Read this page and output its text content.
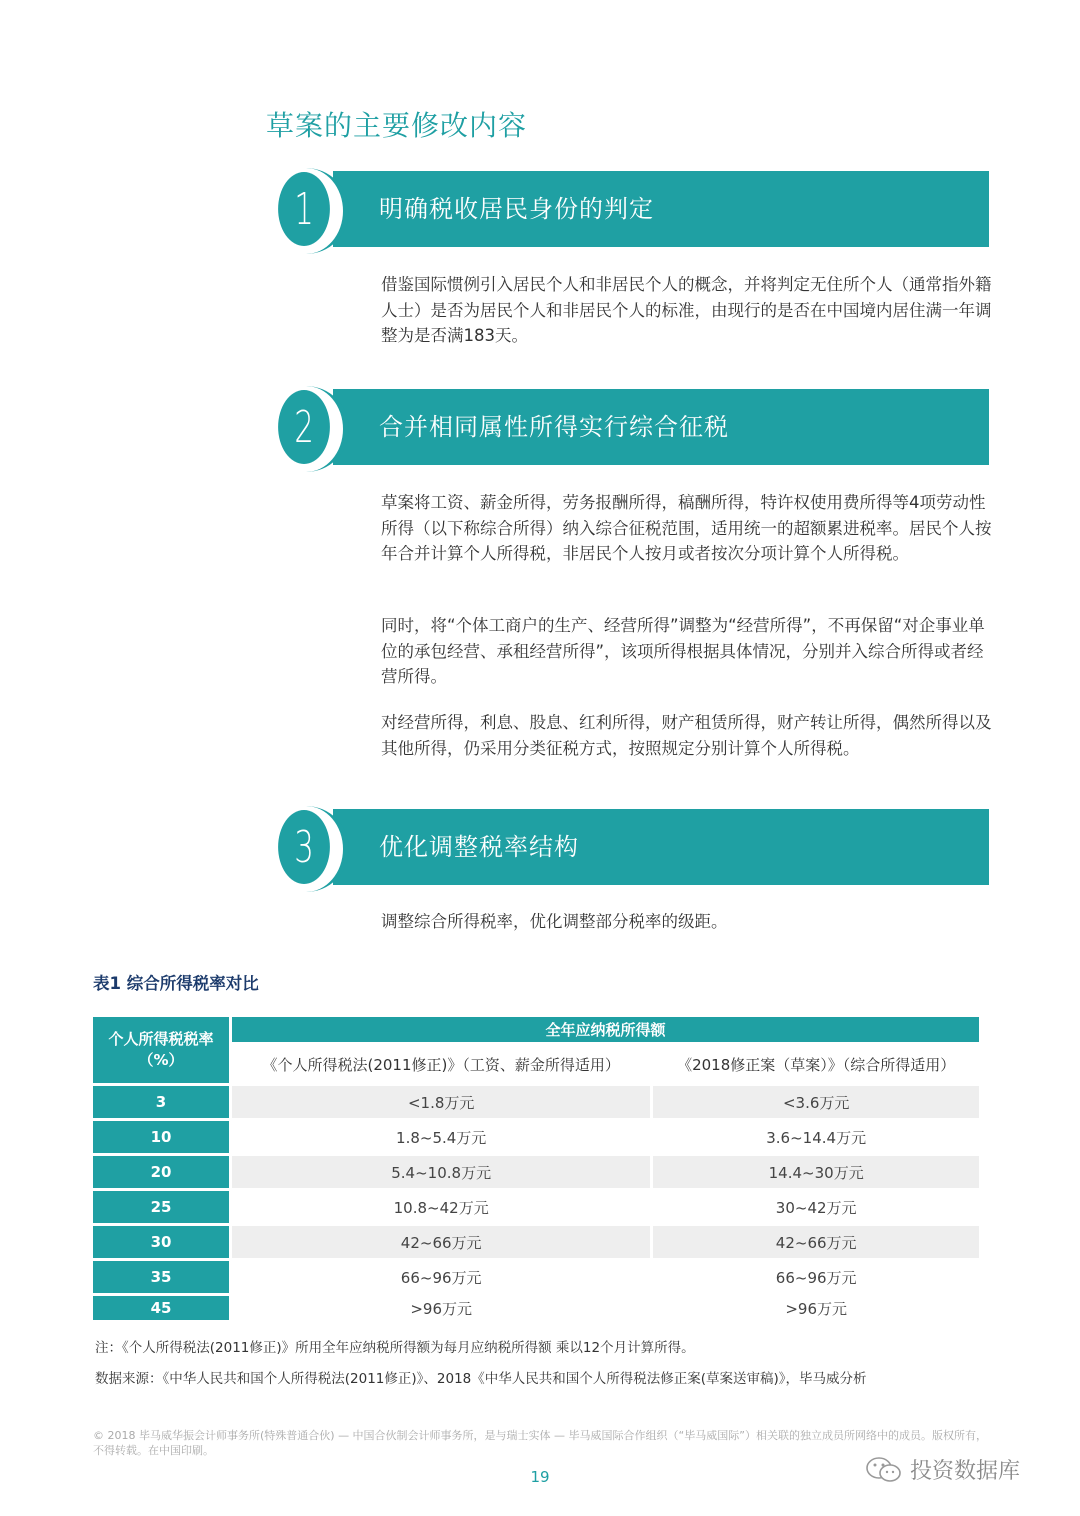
草案的主要修改内容
1	明确税收居民身份的判定

借鉴国际惯例引入居民个人和非居民个人的概念，并将判定无住所个人（通常指外籍人士）是否为居民个人和非居民个人的标准，由现行的是否在中国境内居住满一年调整为是否满183天。

2	合并相同属性所得实行综合征税

草案将工资、薪金所得，劳务报酬所得，稿酬所得，特许权使用费所得等4项劳动性所得（以下称综合所得）纳入综合征税范围，适用统一的超额累进税率。居民个人按年合并计算个人所得税，非居民个人按月或者按次分项计算个人所得税。

同时，将“个体工商户的生产、经营所得”调整为“经营所得”，不再保留“对企事业单位的承包经营、承租经营所得”，该项所得根据具体情况，分别并入综合所得或者经营所得。

对经营所得，利息、股息、红利所得，财产租赁所得，财产转让所得，偶然所得以及其他所得，仍采用分类征税方式，按照规定分别计算个人所得税。

3	优化调整税率结构

调整综合所得税率，优化调整部分税率的级距。

表1 综合所得税率对比
个人所得税税率
（%）	全年应纳税所得额	
	《个人所得税法(2011修正)》（工资、薪金所得适用）	《2018修正案（草案）》（综合所得适用）
3	<1.8万元	<3.6万元
10	1.8~5.4万元	3.6~14.4万元
20	5.4~10.8万元	14.4~30万元
25	10.8~42万元	30~42万元
30	42~66万元	42~66万元
35	66~96万元	66~96万元
45	>96万元	>96万元
注：《个人所得税法(2011修正)》所用全年应纳税所得额为每月应纳税所得额 乘以12个月计算所得。
数据来源：《中华人民共和国个人所得税法(2011修正)》、2018《中华人民共和国个人所得税法修正案(草案送审稿)》，毕马威分析
© 2018 毕马威华振会计师事务所(特殊普通合伙) — 中国合伙制会计师事务所，是与瑞士实体 — 毕马威国际合作组织（“毕马威国际”）相关联的独立成员所网络中的成员。版权所有，不得转载。在中国印刷。
19	投资数据库
